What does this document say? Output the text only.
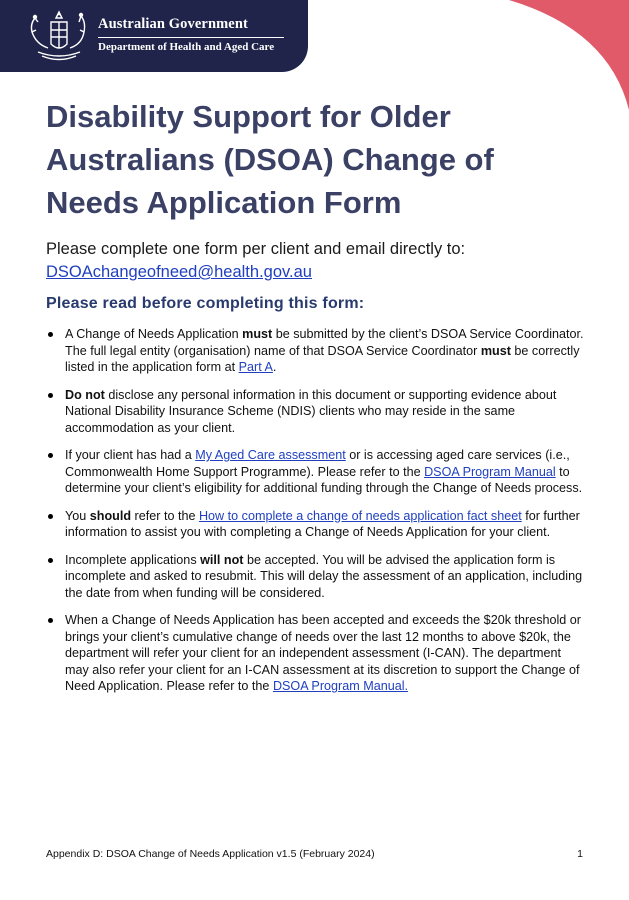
Australian Government
Department of Health and Aged Care
Disability Support for Older Australians (DSOA) Change of Needs Application Form
Please complete one form per client and email directly to:
DSOAchangeofneed@health.gov.au
Please read before completing this form:
A Change of Needs Application must be submitted by the client’s DSOA Service Coordinator. The full legal entity (organisation) name of that DSOA Service Coordinator must be correctly listed in the application form at Part A.
Do not disclose any personal information in this document or supporting evidence about National Disability Insurance Scheme (NDIS) clients who may reside in the same accommodation as your client.
If your client has had a My Aged Care assessment or is accessing aged care services (i.e., Commonwealth Home Support Programme). Please refer to the DSOA Program Manual to determine your client’s eligibility for additional funding through the Change of Needs process.
You should refer to the How to complete a change of needs application fact sheet for further information to assist you with completing a Change of Needs Application for your client.
Incomplete applications will not be accepted. You will be advised the application form is incomplete and asked to resubmit. This will delay the assessment of an application, including the date from when funding will be considered.
When a Change of Needs Application has been accepted and exceeds the $20k threshold or brings your client’s cumulative change of needs over the last 12 months to above $20k, the department will refer your client for an independent assessment (I-CAN). The department may also refer your client for an I-CAN assessment at its discretion to support the Change of Need Application. Please refer to the DSOA Program Manual.
Appendix D: DSOA Change of Needs Application v1.5 (February 2024)	1
